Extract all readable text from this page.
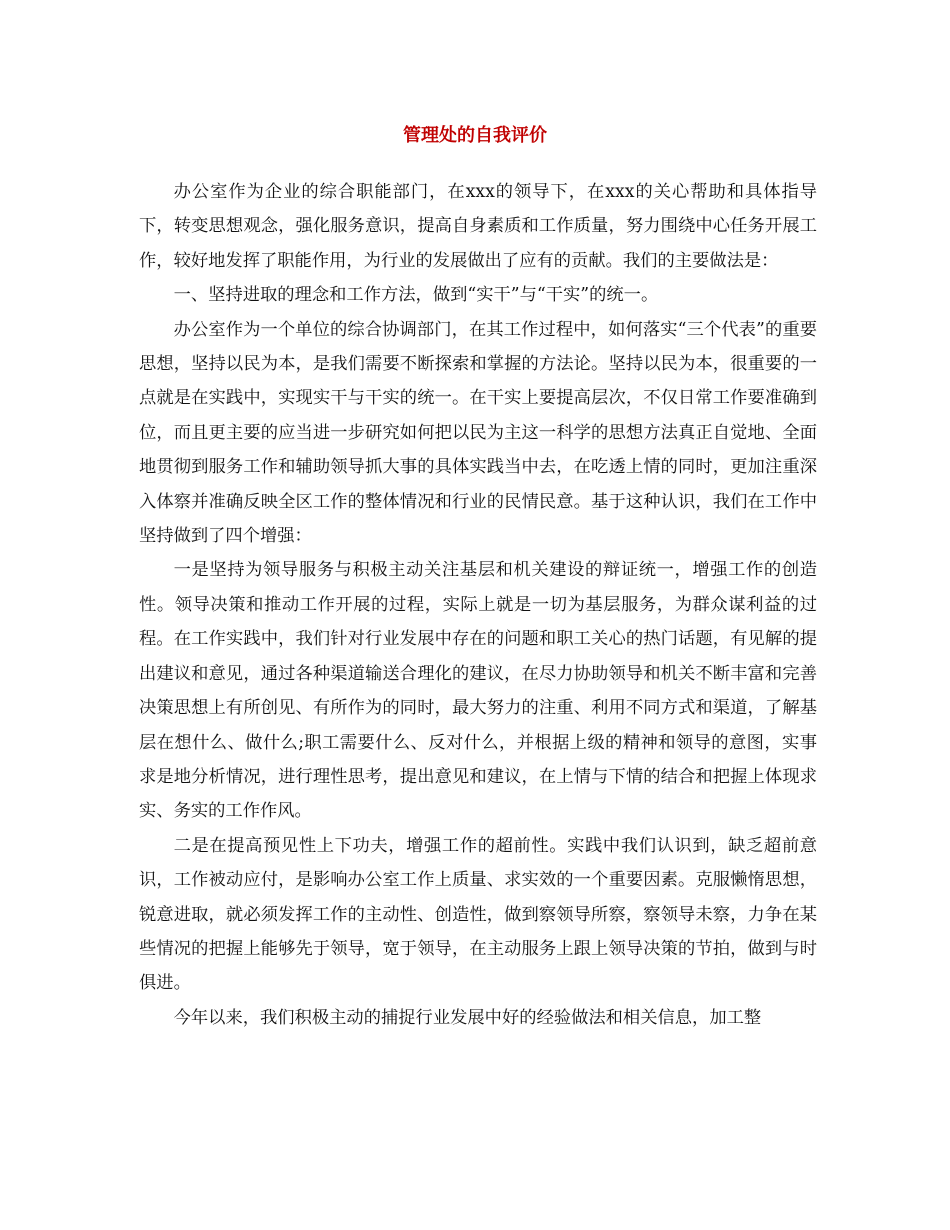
管理处的自我评价

办公室作为企业的综合职能部门，在xxx的领导下，在xxx的关心帮助和具体指导下，转变思想观念，强化服务意识，提高自身素质和工作质量，努力围绕中心任务开展工作，较好地发挥了职能作用，为行业的发展做出了应有的贡献。我们的主要做法是：

一、坚持进取的理念和工作方法，做到“实干”与“干实”的统一。

办公室作为一个单位的综合协调部门，在其工作过程中，如何落实“三个代表”的重要思想，坚持以民为本，是我们需要不断探索和掌握的方法论。坚持以民为本，很重要的一点就是在实践中，实现实干与干实的统一。在干实上要提高层次，不仅日常工作要准确到位，而且更主要的应当进一步研究如何把以民为主这一科学的思想方法真正自觉地、全面地贯彻到服务工作和辅助领导抓大事的具体实践当中去，在吃透上情的同时，更加注重深入体察并准确反映全区工作的整体情况和行业的民情民意。基于这种认识，我们在工作中坚持做到了四个增强：

一是坚持为领导服务与积极主动关注基层和机关建设的辩证统一，增强工作的创造性。领导决策和推动工作开展的过程，实际上就是一切为基层服务，为群众谋利益的过程。在工作实践中，我们针对行业发展中存在的问题和职工关心的热门话题，有见解的提出建议和意见，通过各种渠道输送合理化的建议，在尽力协助领导和机关不断丰富和完善决策思想上有所创见、有所作为的同时，最大努力的注重、利用不同方式和渠道，了解基层在想什么、做什么;职工需要什么、反对什么，并根据上级的精神和领导的意图，实事求是地分析情况，进行理性思考，提出意见和建议，在上情与下情的结合和把握上体现求实、务实的工作作风。

二是在提高预见性上下功夫，增强工作的超前性。实践中我们认识到，缺乏超前意识，工作被动应付，是影响办公室工作上质量、求实效的一个重要因素。克服懒惰思想，锐意进取，就必须发挥工作的主动性、创造性，做到察领导所察，察领导未察，力争在某些情况的把握上能够先于领导，宽于领导，在主动服务上跟上领导决策的节拍，做到与时俱进。

今年以来，我们积极主动的捕捉行业发展中好的经验做法和相关信息，加工整
